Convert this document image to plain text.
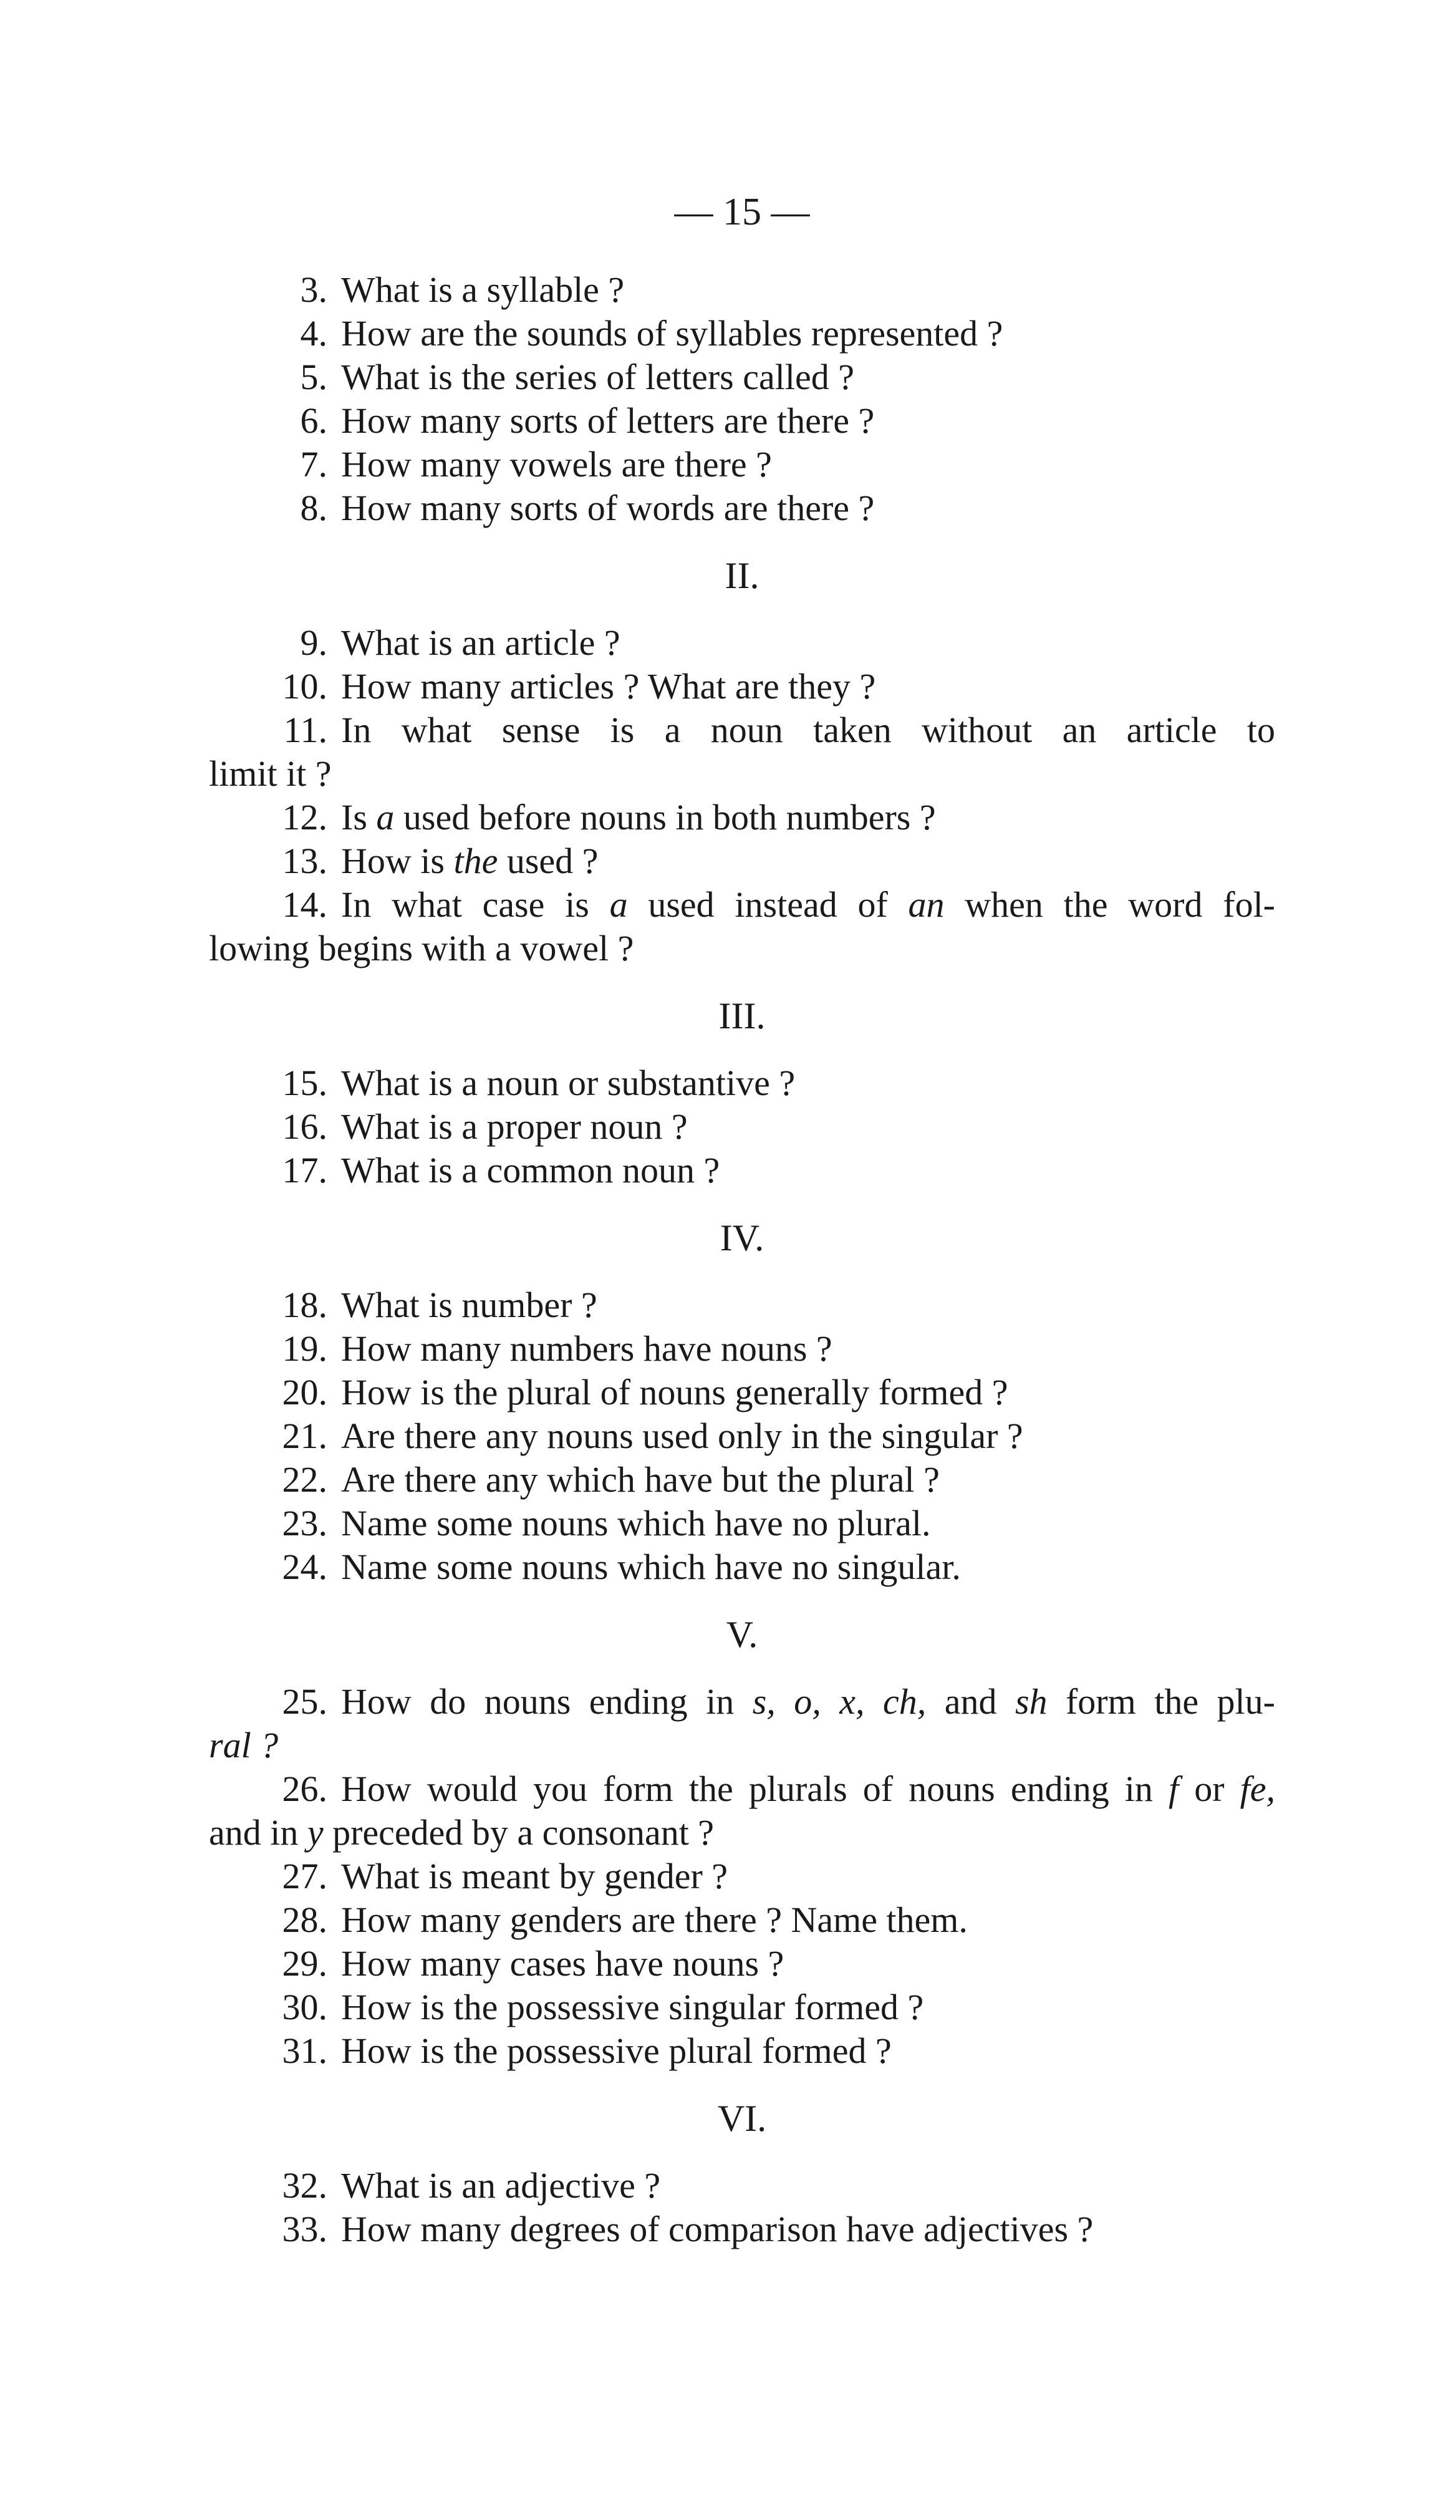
— 15 —
3. What is a syllable ?
4. How are the sounds of syllables represented ?
5. What is the series of letters called ?
6. How many sorts of letters are there ?
7. How many vowels are there ?
8. How many sorts of words are there ?
II.
9. What is an article ?
10. How many articles ? What are they ?
11. In what sense is a noun taken without an article to
limit it ?
12. Is a used before nouns in both numbers ?
13. How is the used ?
14. In what case is a used instead of an when the word fol-
lowing begins with a vowel ?
III.
15. What is a noun or substantive ?
16. What is a proper noun ?
17. What is a common noun ?
IV.
18. What is number ?
19. How many numbers have nouns ?
20. How is the plural of nouns generally formed ?
21. Are there any nouns used only in the singular ?
22. Are there any which have but the plural ?
23. Name some nouns which have no plural.
24. Name some nouns which have no singular.
V.
25. How do nouns ending in s, o, x, ch, and sh form the plu-
ral ?
26. How would you form the plurals of nouns ending in f or fe,
and in y preceded by a consonant ?
27. What is meant by gender ?
28. How many genders are there ? Name them.
29. How many cases have nouns ?
30. How is the possessive singular formed ?
31. How is the possessive plural formed ?
VI.
32. What is an adjective ?
33. How many degrees of comparison have adjectives ?
